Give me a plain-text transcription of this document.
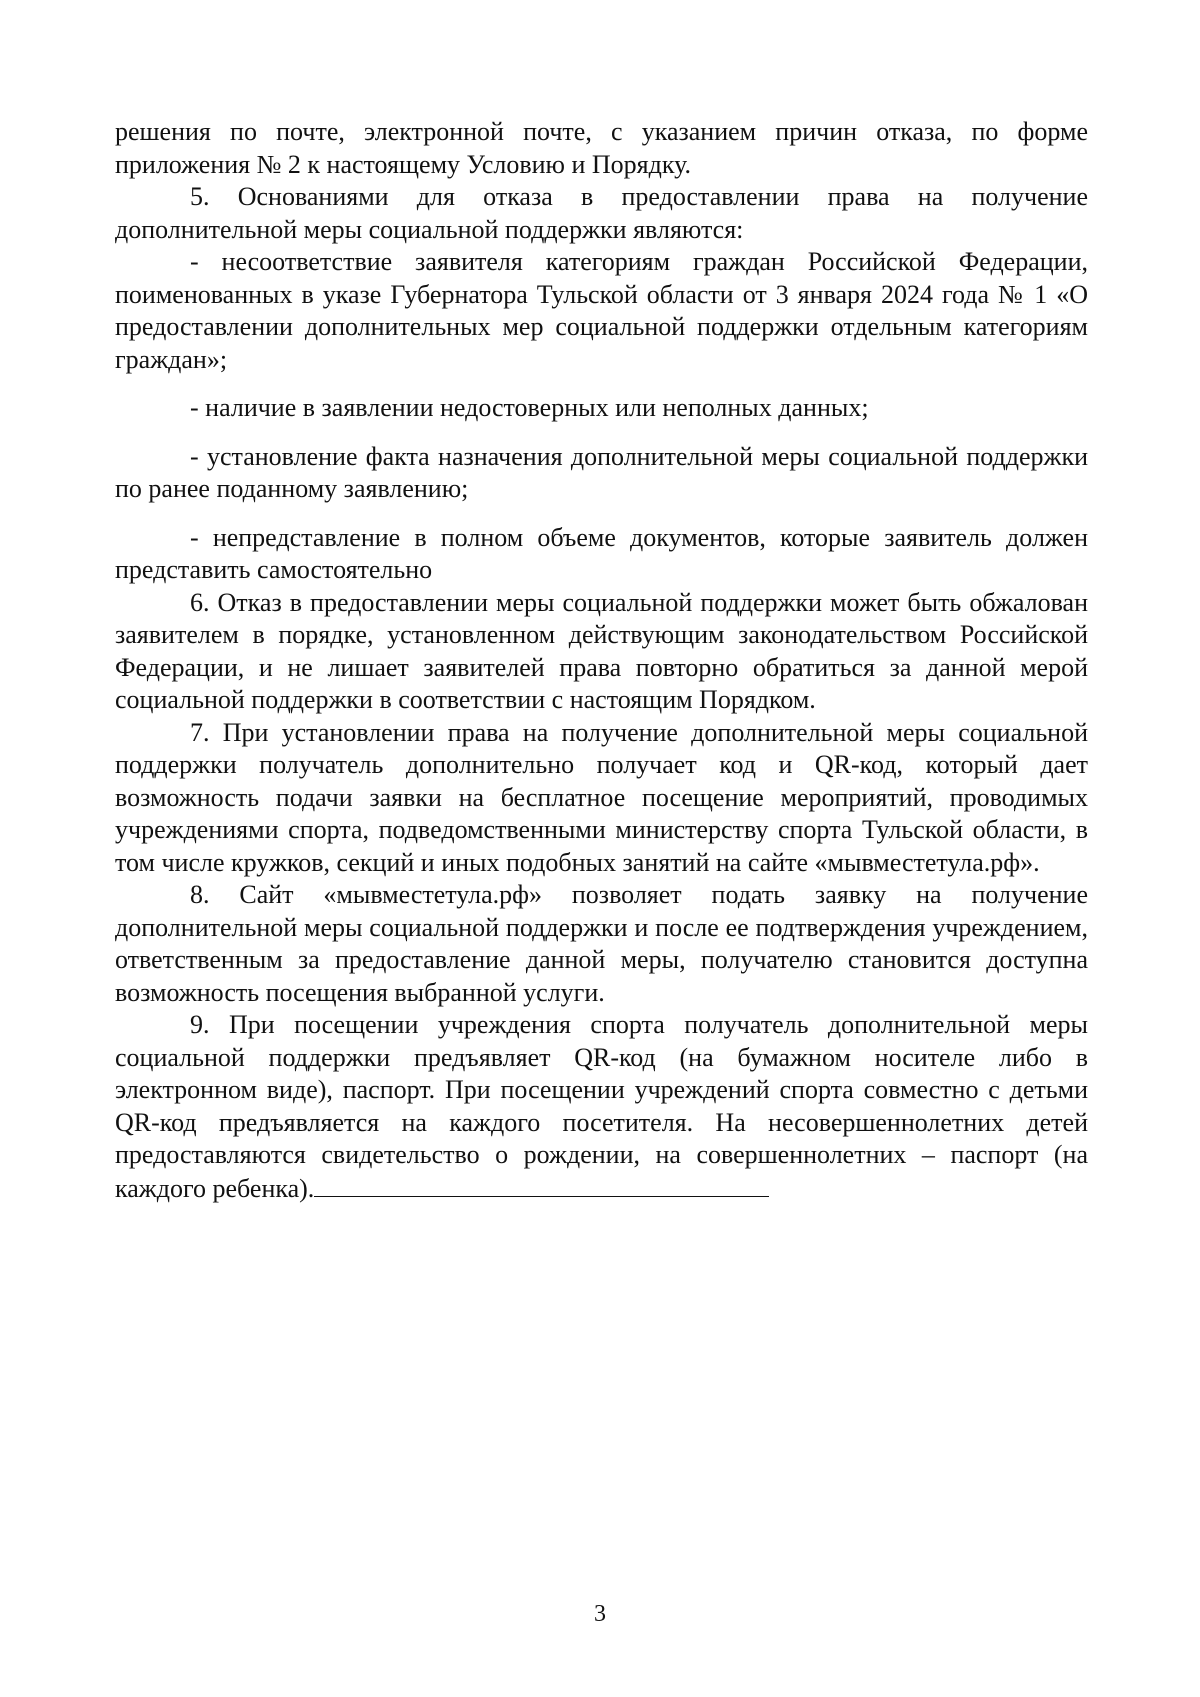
решения по почте, электронной почте, с указанием причин отказа, по форме приложения № 2 к настоящему Условию и Порядку.

5. Основаниями для отказа в предоставлении права на получение дополнительной меры социальной поддержки являются:

- несоответствие заявителя категориям граждан Российской Федерации, поименованных в указе Губернатора Тульской области от 3 января 2024 года № 1 «О предоставлении дополнительных мер социальной поддержки отдельным категориям граждан»;

- наличие в заявлении недостоверных или неполных данных;

- установление факта назначения дополнительной меры социальной поддержки по ранее поданному заявлению;

- непредставление в полном объеме документов, которые заявитель должен представить самостоятельно

6. Отказ в предоставлении меры социальной поддержки может быть обжалован заявителем в порядке, установленном действующим законодательством Российской Федерации, и не лишает заявителей права повторно обратиться за данной мерой социальной поддержки в соответствии с настоящим Порядком.

7. При установлении права на получение дополнительной меры социальной поддержки получатель дополнительно получает код и QR-код, который дает возможность подачи заявки на бесплатное посещение мероприятий, проводимых учреждениями спорта, подведомственными министерству спорта Тульской области, в том числе кружков, секций и иных подобных занятий на сайте «мывместетула.рф».

8. Сайт «мывместетула.рф» позволяет подать заявку на получение дополнительной меры социальной поддержки и после ее подтверждения учреждением, ответственным за предоставление данной меры, получателю становится доступна возможность посещения выбранной услуги.

9. При посещении учреждения спорта получатель дополнительной меры социальной поддержки предъявляет QR-код (на бумажном носителе либо в электронном виде), паспорт. При посещении учреждений спорта совместно с детьми QR-код предъявляется на каждого посетителя. На несовершеннолетних детей предоставляются свидетельство о рождении, на совершеннолетних – паспорт (на каждого ребенка).

3
